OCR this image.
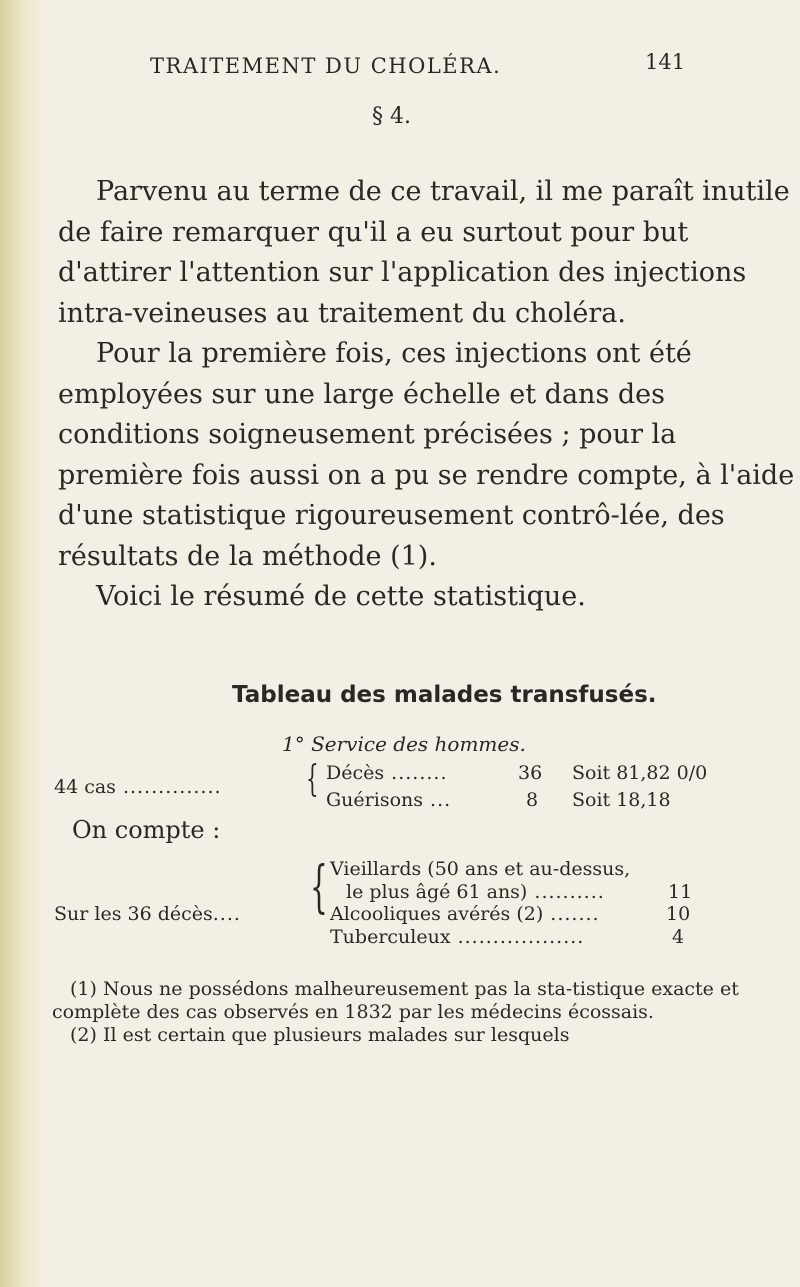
TRAITEMENT DU CHOLÉRA.	141
§ 4.

Parvenu au terme de ce travail, il me paraît inutile de faire remarquer qu'il a eu surtout pour but d'attirer l'attention sur l'application des injections intra-veineuses au traitement du choléra.

Pour la première fois, ces injections ont été employées sur une large échelle et dans des conditions soigneusement précisées ; pour la première fois aussi on a pu se rendre compte, à l'aide d'une statistique rigoureusement contrô-lée, des résultats de la méthode (1).

Voici le résumé de cette statistique.

Tableau des malades transfusés.
1° Service des hommes.
44 cas .............. { Décès ........	36 Soit 81,82 0/0
Guérisons ...	8 Soit 18,18
On compte :
Sur les 36 décès.... { Vieillards (50 ans et au-dessus,
le plus âgé 61 ans) ..........	11
Alcooliques avérés (2) .......	10
Tuberculeux ..................	4

(1) Nous ne possédons malheureusement pas la sta-tistique exacte et complète des cas observés en 1832 par les médecins écossais.

(2) Il est certain que plusieurs malades sur lesquels
